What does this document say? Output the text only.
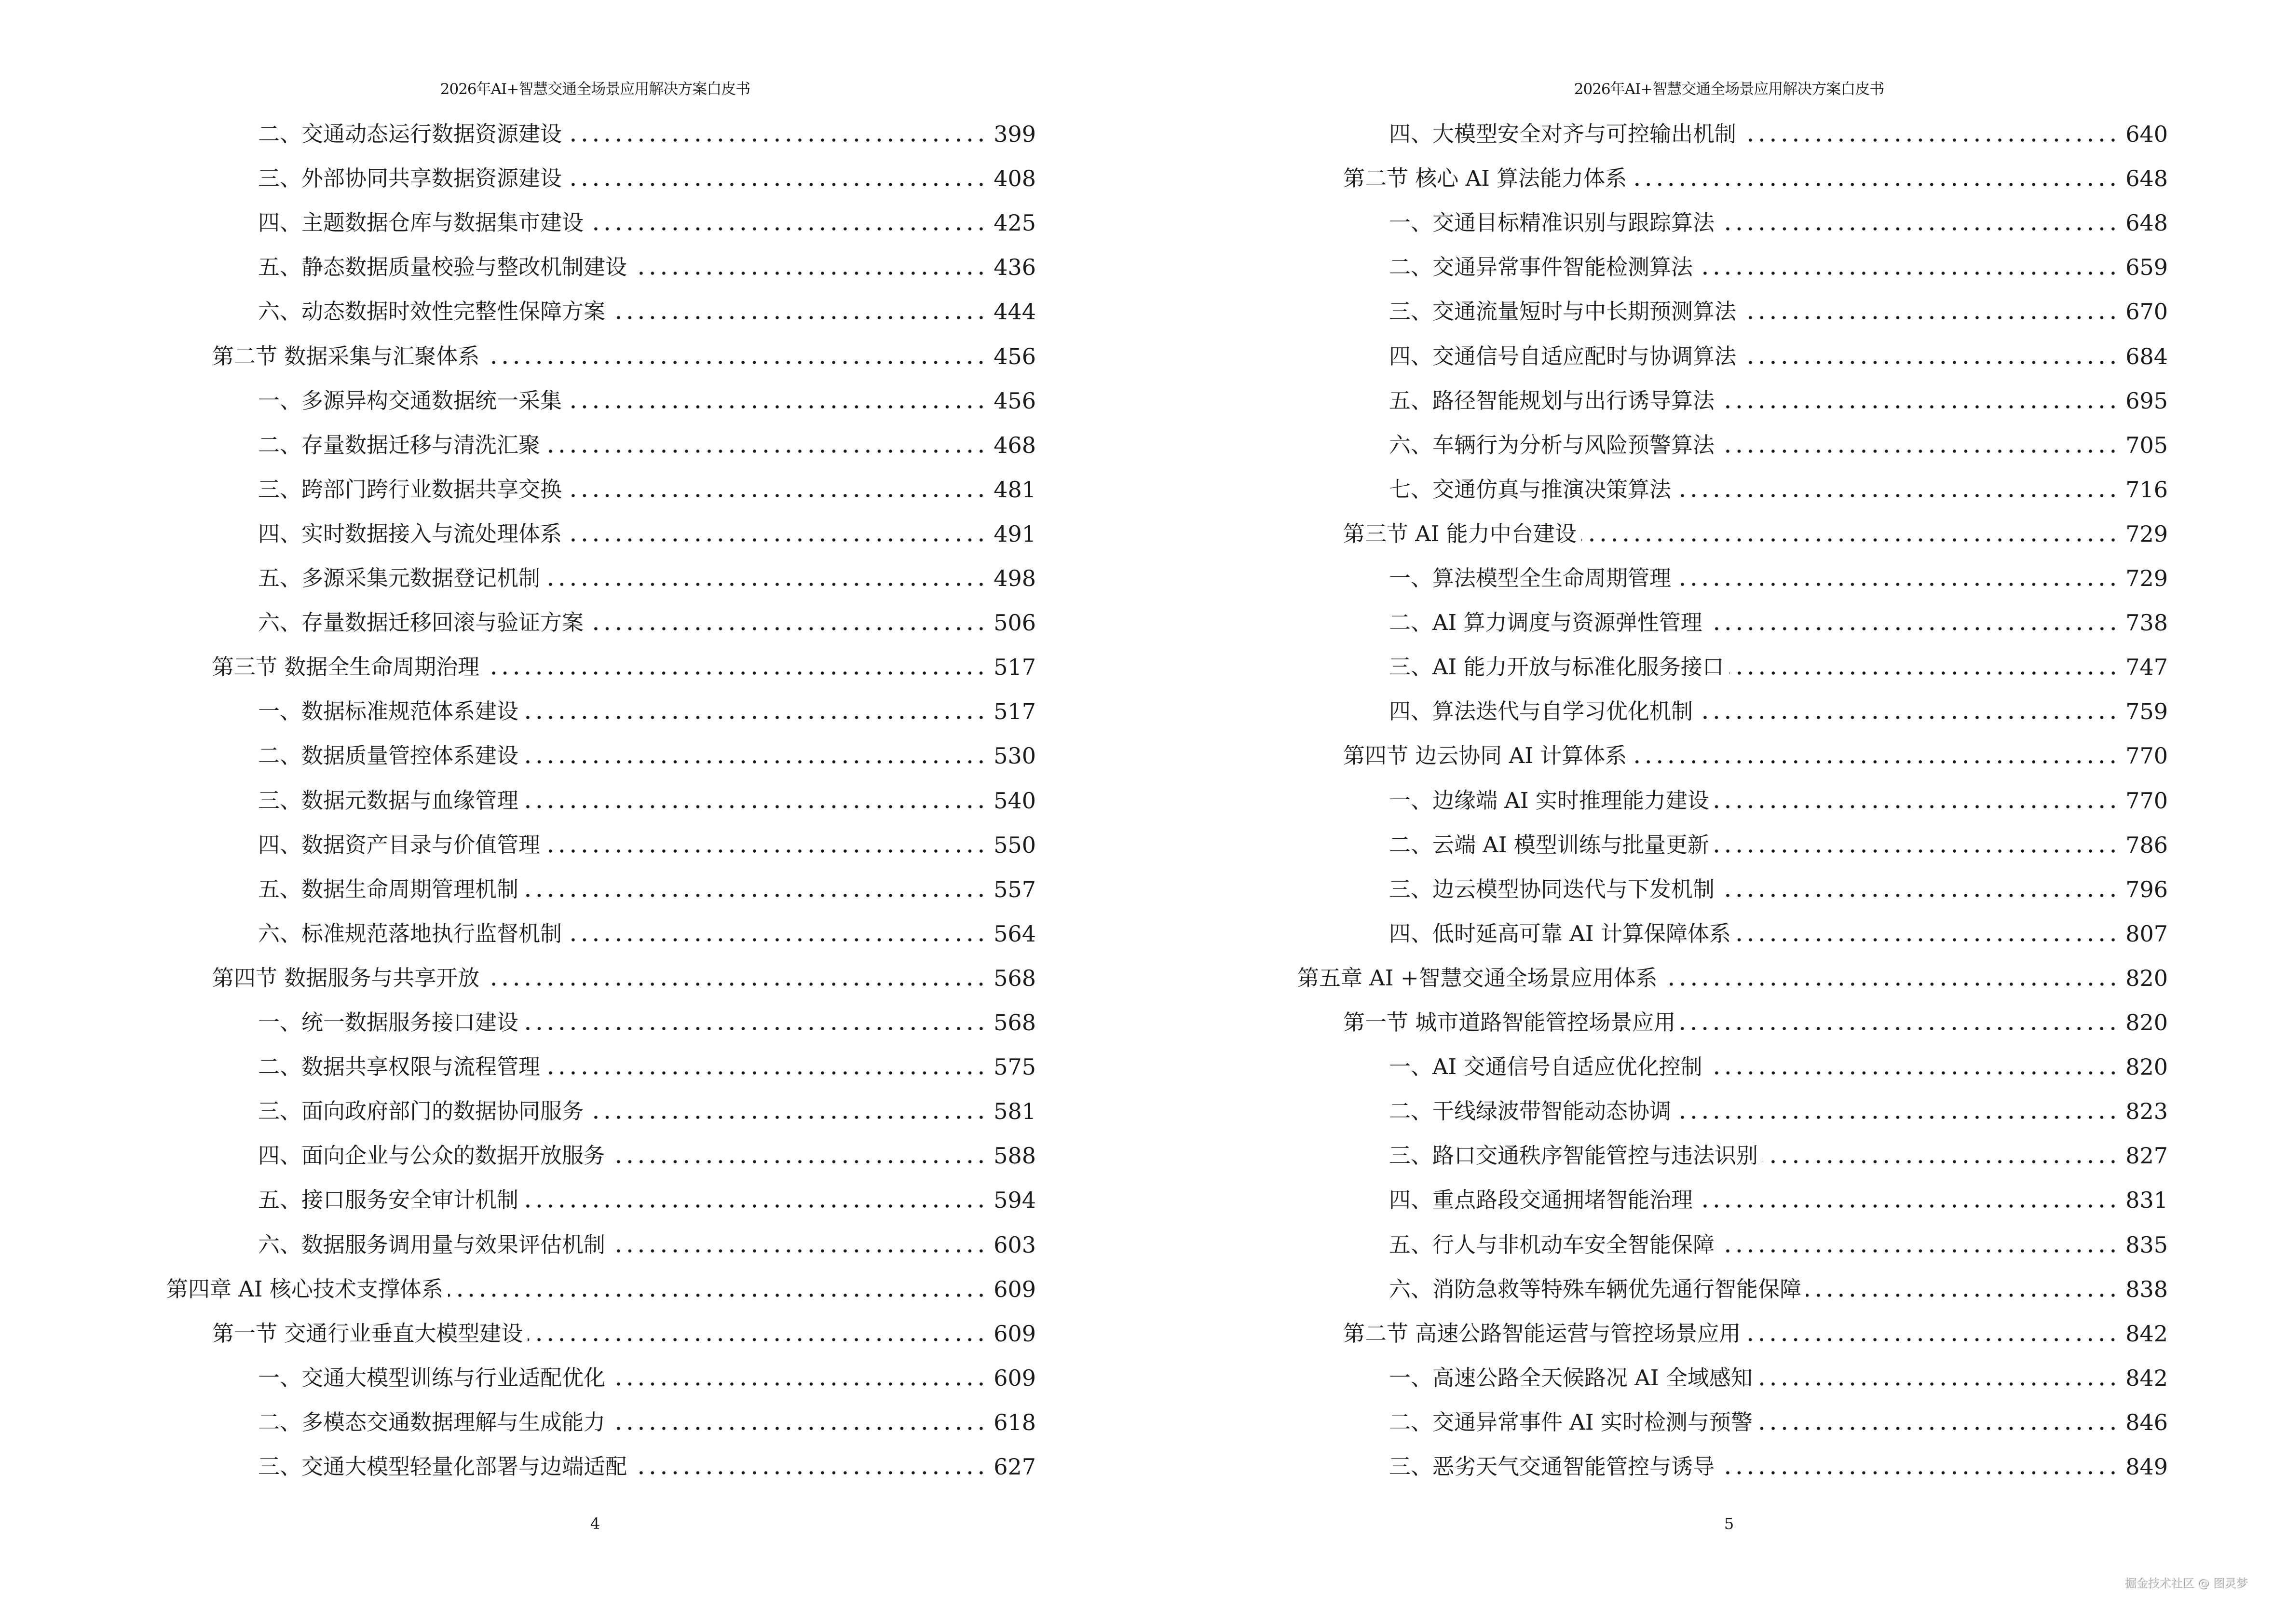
2026年AI+智慧交通全场景应用解决方案白皮书
二、交通动态运行数据资源建设	399
三、外部协同共享数据资源建设	408
四、主题数据仓库与数据集市建设	425
五、静态数据质量校验与整改机制建设	436
六、动态数据时效性完整性保障方案	444
第二节 数据采集与汇聚体系	456
一、多源异构交通数据统一采集	456
二、存量数据迁移与清洗汇聚	468
三、跨部门跨行业数据共享交换	481
四、实时数据接入与流处理体系	491
五、多源采集元数据登记机制	498
六、存量数据迁移回滚与验证方案	506
第三节 数据全生命周期治理	517
一、数据标准规范体系建设	517
二、数据质量管控体系建设	530
三、数据元数据与血缘管理	540
四、数据资产目录与价值管理	550
五、数据生命周期管理机制	557
六、标准规范落地执行监督机制	564
第四节 数据服务与共享开放	568
一、统一数据服务接口建设	568
二、数据共享权限与流程管理	575
三、面向政府部门的数据协同服务	581
四、面向企业与公众的数据开放服务	588
五、接口服务安全审计机制	594
六、数据服务调用量与效果评估机制	603
第四章 AI 核心技术支撑体系	609
第一节 交通行业垂直大模型建设	609
一、交通大模型训练与行业适配优化	609
二、多模态交通数据理解与生成能力	618
三、交通大模型轻量化部署与边端适配	627
4
2026年AI+智慧交通全场景应用解决方案白皮书
四、大模型安全对齐与可控输出机制	640
第二节 核心 AI 算法能力体系	648
一、交通目标精准识别与跟踪算法	648
二、交通异常事件智能检测算法	659
三、交通流量短时与中长期预测算法	670
四、交通信号自适应配时与协调算法	684
五、路径智能规划与出行诱导算法	695
六、车辆行为分析与风险预警算法	705
七、交通仿真与推演决策算法	716
第三节 AI 能力中台建设	729
一、算法模型全生命周期管理	729
二、AI 算力调度与资源弹性管理	738
三、AI 能力开放与标准化服务接口	747
四、算法迭代与自学习优化机制	759
第四节 边云协同 AI 计算体系	770
一、边缘端 AI 实时推理能力建设	770
二、云端 AI 模型训练与批量更新	786
三、边云模型协同迭代与下发机制	796
四、低时延高可靠 AI 计算保障体系	807
第五章 AI +智慧交通全场景应用体系	820
第一节 城市道路智能管控场景应用	820
一、AI 交通信号自适应优化控制	820
二、干线绿波带智能动态协调	823
三、路口交通秩序智能管控与违法识别	827
四、重点路段交通拥堵智能治理	831
五、行人与非机动车安全智能保障	835
六、消防急救等特殊车辆优先通行智能保障	838
第二节 高速公路智能运营与管控场景应用	842
一、高速公路全天候路况 AI 全域感知	842
二、交通异常事件 AI 实时检测与预警	846
三、恶劣天气交通智能管控与诱导	849
5
掘金技术社区 @ 图灵梦
